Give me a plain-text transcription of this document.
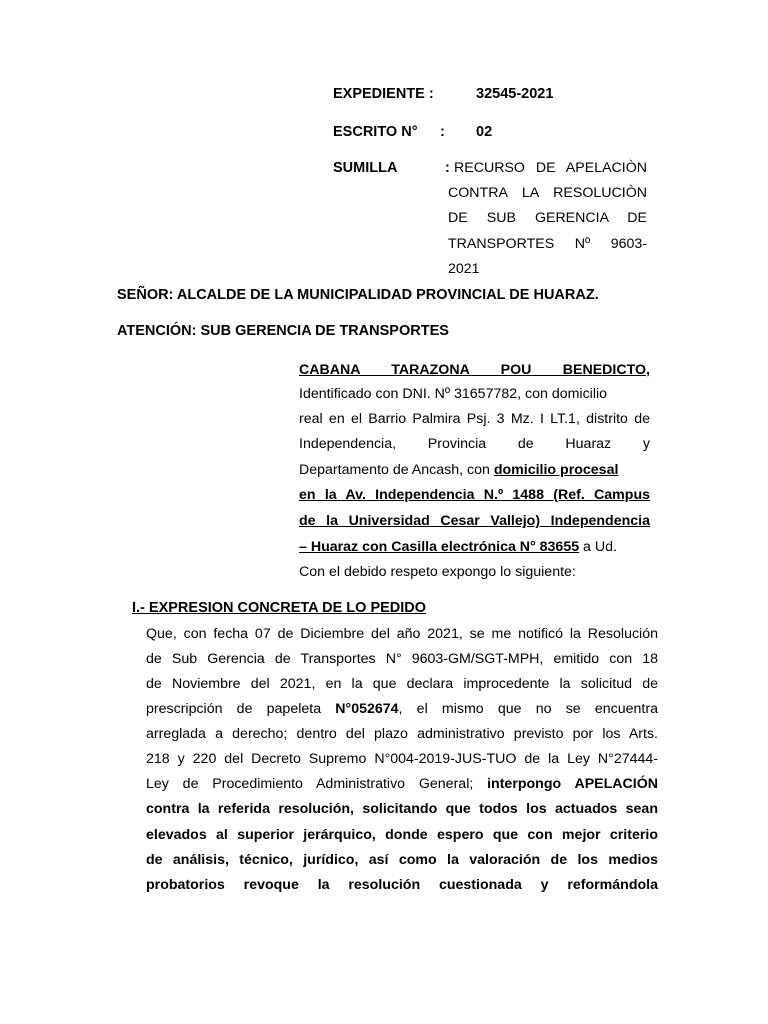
EXPEDIENTE :	32545-2021
ESCRITO N° : 02
SUMILLA	: RECURSO DE APELACIÒN
CONTRA LA RESOLUCIÒN
DE SUB GERENCIA DE
TRANSPORTES Nº 9603-
2021
SEÑOR: ALCALDE DE LA MUNICIPALIDAD PROVINCIAL DE HUARAZ.
ATENCIÓN: SUB GERENCIA DE TRANSPORTES
CABANA TARAZONA POU BENEDICTO,
Identificado con DNI. Nº 31657782, con domicilio
real en el Barrio Palmira Psj. 3 Mz. I LT.1, distrito de
Independencia, Provincia de Huaraz y
Departamento de Ancash, con domicilio procesal
en la Av. Independencia N.º 1488 (Ref. Campus
de la Universidad Cesar Vallejo) Independencia
– Huaraz con Casilla electrónica N° 83655 a Ud.
Con el debido respeto expongo lo siguiente:
I.- EXPRESION CONCRETA DE LO PEDIDO
Que, con fecha 07 de Diciembre del año 2021, se me notificó la Resolución
de Sub Gerencia de Transportes N° 9603-GM/SGT-MPH, emitido con 18
de Noviembre del 2021, en la que declara improcedente la solicitud de
prescripción de papeleta N°052674, el mismo que no se encuentra
arreglada a derecho; dentro del plazo administrativo previsto por los Arts.
218 y 220 del Decreto Supremo N°004-2019-JUS-TUO de la Ley N°27444-
Ley de Procedimiento Administrativo General; interpongo APELACIÓN
contra la referida resolución, solicitando que todos los actuados sean
elevados al superior jerárquico, donde espero que con mejor criterio
de análisis, técnico, jurídico, así como la valoración de los medios
probatorios revoque la resolución cuestionada y reformándola
